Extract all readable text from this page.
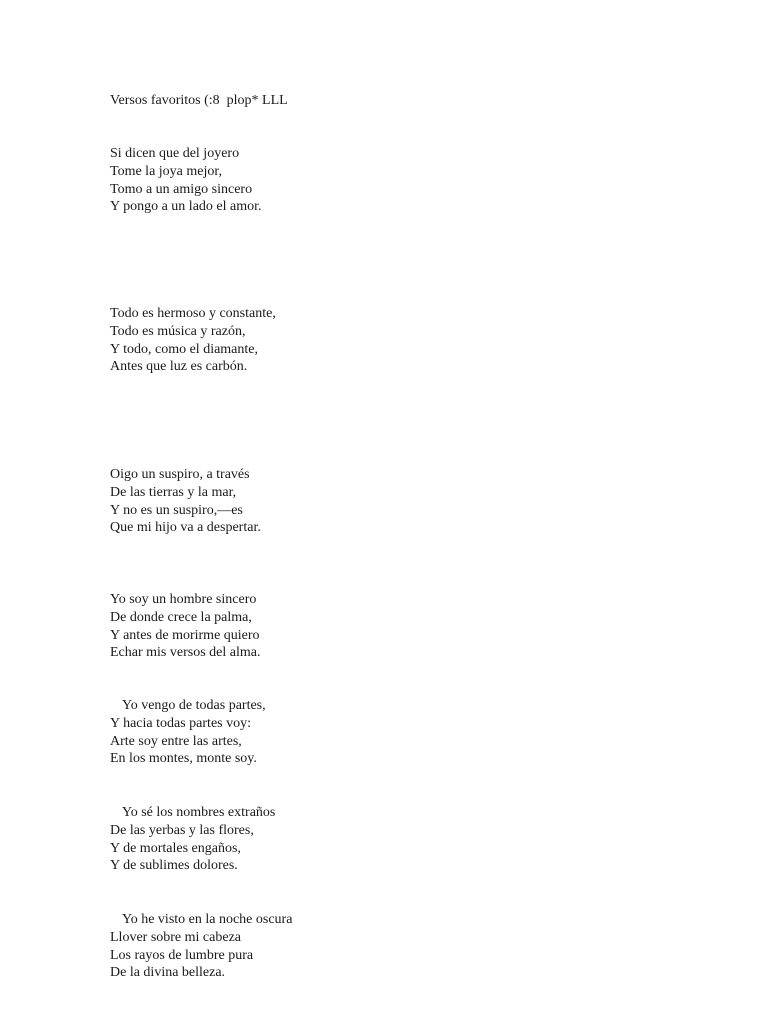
Versos favoritos (:8  plop* LLL
Si dicen que del joyero
Tome la joya mejor,
Tomo a un amigo sincero
Y pongo a un lado el amor.
Todo es hermoso y constante,
Todo es música y razón,
Y todo, como el diamante,
Antes que luz es carbón.
Oigo un suspiro, a través
De las tierras y la mar,
Y no es un suspiro,—es
Que mi hijo va a despertar.
Yo soy un hombre sincero
De donde crece la palma,
Y antes de morirme quiero
Echar mis versos del alma.
Yo vengo de todas partes,
Y hacia todas partes voy:
Arte soy entre las artes,
En los montes, monte soy.
Yo sé los nombres extraños
De las yerbas y las flores,
Y de mortales engaños,
Y de sublimes dolores.
Yo he visto en la noche oscura
Llover sobre mi cabeza
Los rayos de lumbre pura
De la divina belleza.
